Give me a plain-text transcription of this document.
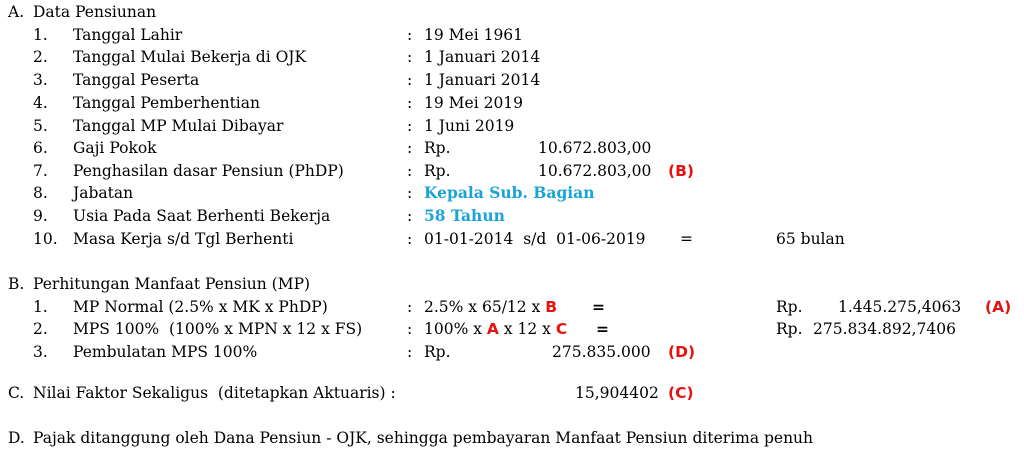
A. Data Pensiunan
1. Tanggal Lahir	: 19 Mei 1961
2. Tanggal Mulai Bekerja di OJK	: 1 Januari 2014
3. Tanggal Peserta	: 1 Januari 2014
4. Tanggal Pemberhentian	: 19 Mei 2019
5. Tanggal MP Mulai Dibayar	: 1 Juni 2019
6. Gaji Pokok	: Rp.	10.672.803,00
7. Penghasilan dasar Pensiun (PhDP)	: Rp.	10.672.803,00 (B)
8. Jabatan	: Kepala Sub. Bagian
9. Usia Pada Saat Berhenti Bekerja	: 58 Tahun
10. Masa Kerja s/d Tgl Berhenti	: 01-01-2014  s/d  01-06-2019 =	65 bulan
B. Perhitungan Manfaat Pensiun (MP)
1. MP Normal (2.5% x MK x PhDP)	: 2.5% x 65/12 x B =	Rp. 1.445.275,4063 (A)
2. MPS 100%  (100% x MPN x 12 x FS)	: 100% x A x 12 x C =	Rp. 275.834.892,7406
3. Pembulatan MPS 100%	: Rp.	275.835.000 (D)
C. Nilai Faktor Sekaligus  (ditetapkan Aktuaris) :	15,904402 (C)
D. Pajak ditanggung oleh Dana Pensiun - OJK, sehingga pembayaran Manfaat Pensiun diterima penuh
